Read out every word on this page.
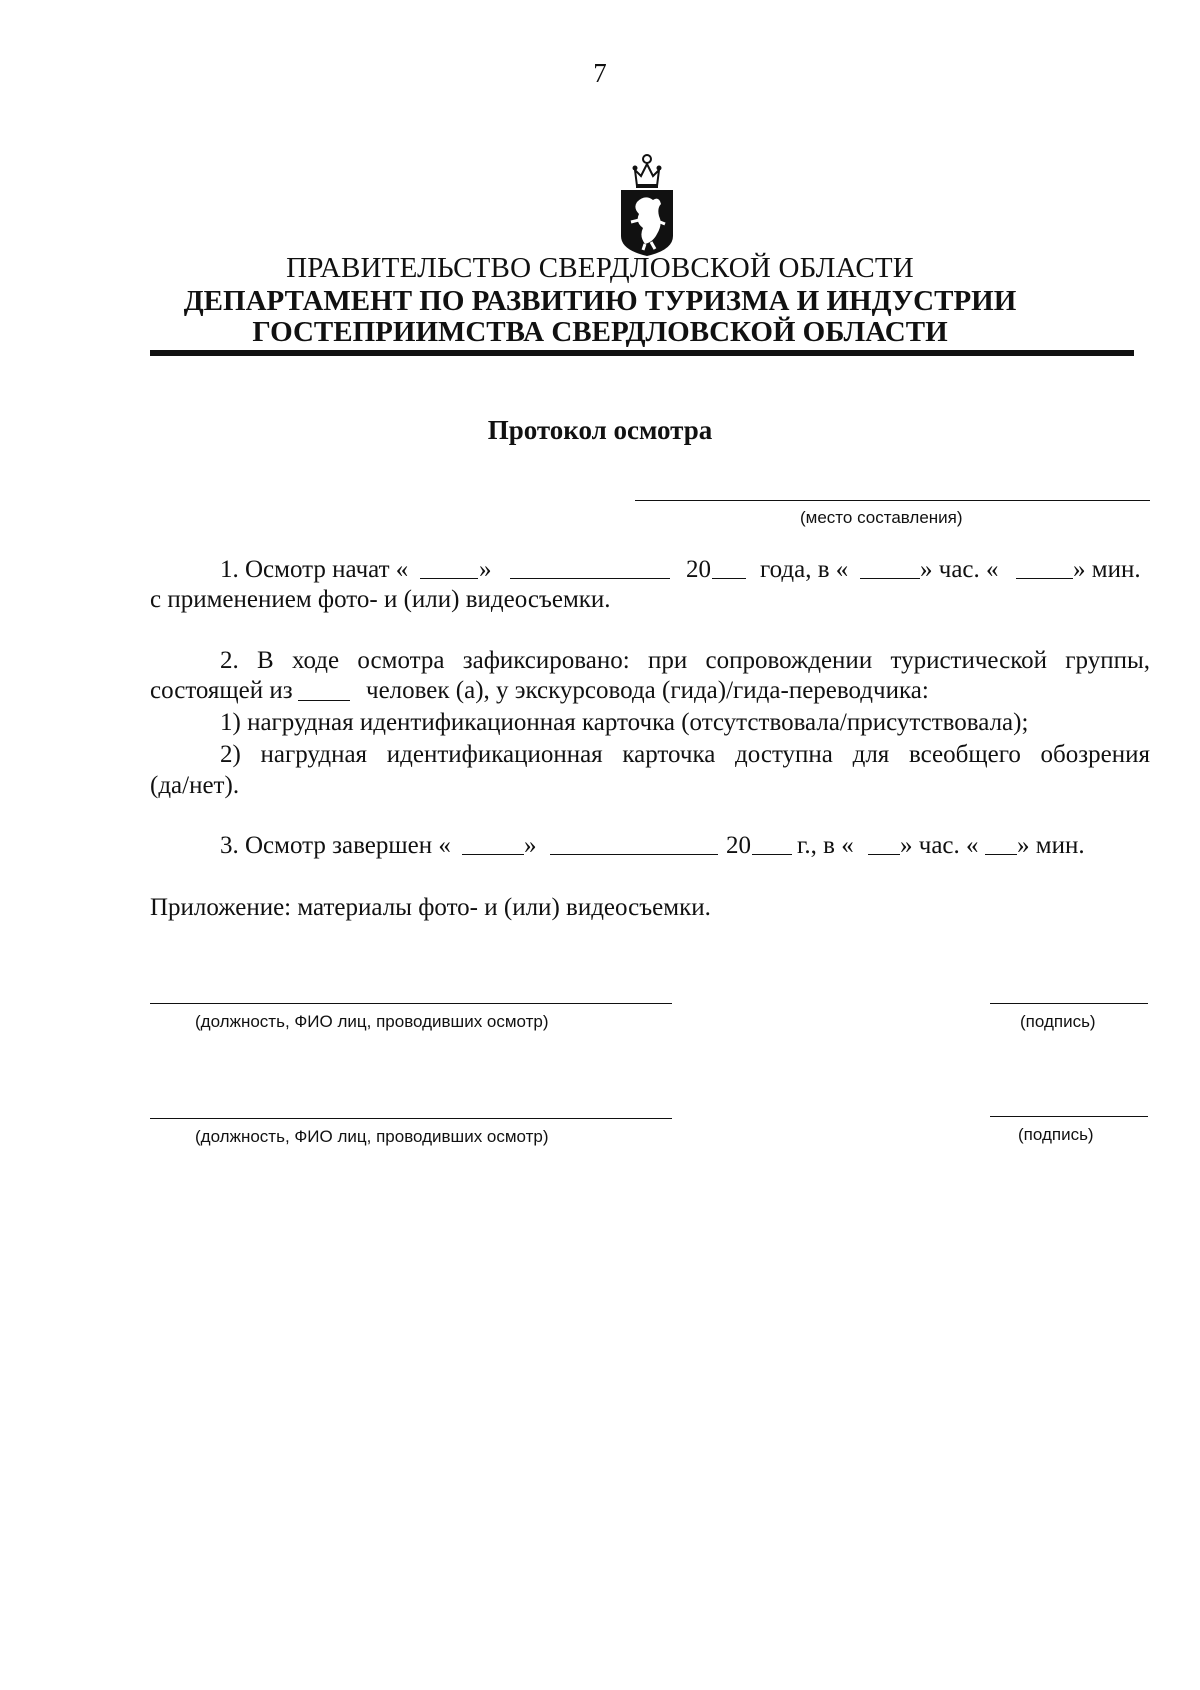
7
ПРАВИТЕЛЬСТВО СВЕРДЛОВСКОЙ ОБЛАСТИ
ДЕПАРТАМЕНТ ПО РАЗВИТИЮ ТУРИЗМА И ИНДУСТРИИ
ГОСТЕПРИИМСТВА СВЕРДЛОВСКОЙ ОБЛАСТИ
Протокол осмотра
(место составления)
1. Осмотр начат «	»	20 года, в «	» час. «	» мин.
с применением фото- и (или) видеосъемки.
2. В ходе осмотра зафиксировано: при сопровождении туристической группы,
состоящей из	человек (а), у экскурсовода (гида)/гида-переводчика:
1) нагрудная идентификационная карточка (отсутствовала/присутствовала);
2) нагрудная идентификационная карточка доступна для всеобщего обозрения
(да/нет).
3. Осмотр завершен «	»	20 г., в « » час. « » мин.
Приложение: материалы фото- и (или) видеосъемки.
(должность, ФИО лиц, проводивших осмотр)	(подпись)
(должность, ФИО лиц, проводивших осмотр)	(подпись)
